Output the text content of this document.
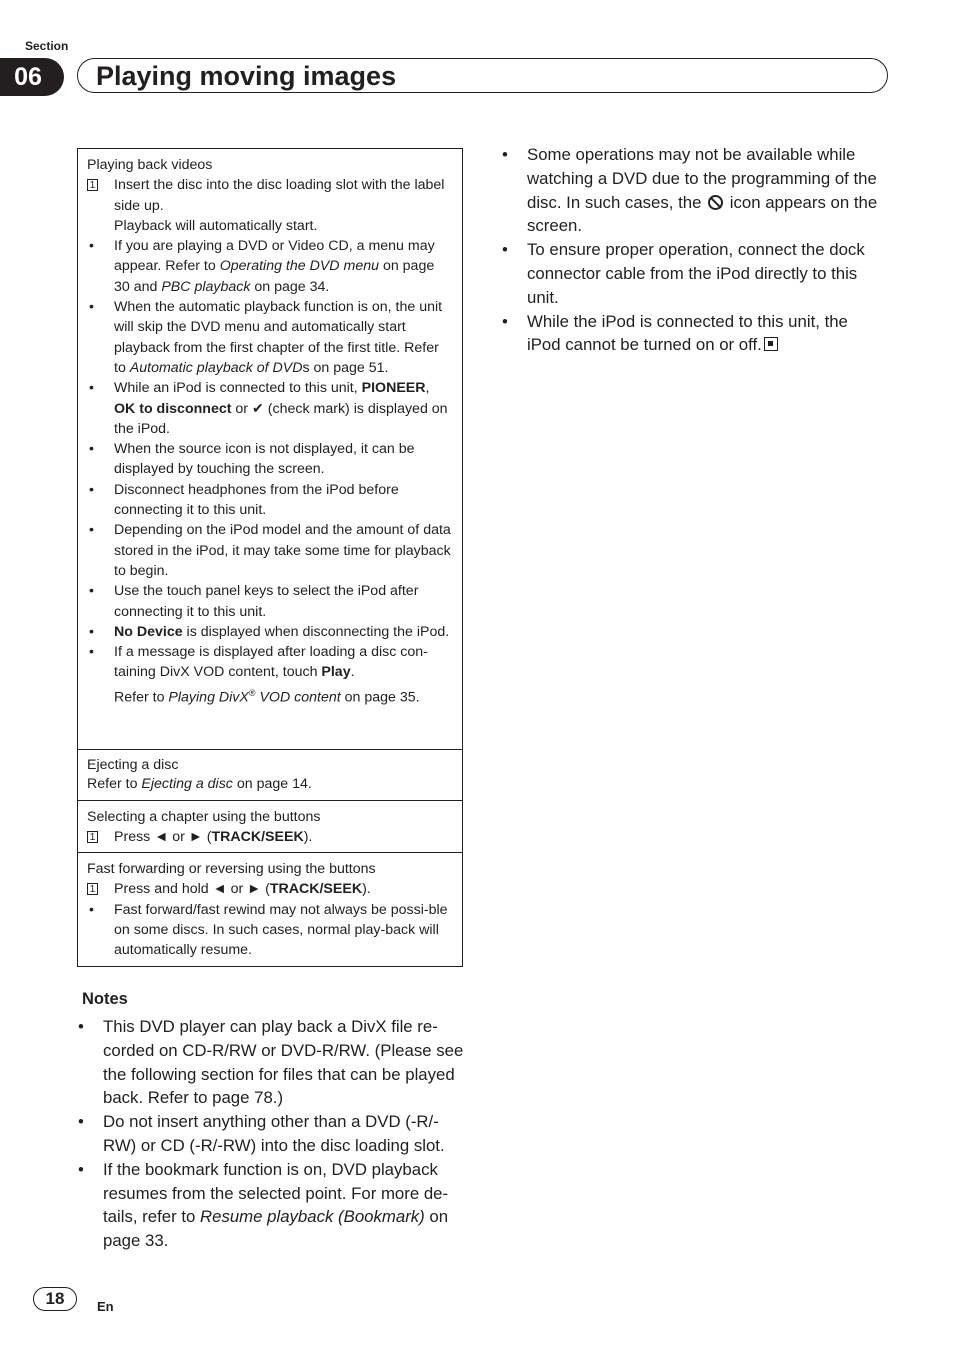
Section
06	Playing moving images

Playing back videos

1 Insert the disc into the disc loading slot with the label side up.
Playback will automatically start.
• If you are playing a DVD or Video CD, a menu may appear. Refer to Operating the DVD menu on page 30 and PBC playback on page 34.
• When the automatic playback function is on, the unit will skip the DVD menu and automatically start playback from the first chapter of the first title. Refer to Automatic playback of DVDs on page 51.
• While an iPod is connected to this unit, PIONEER, OK to disconnect or ✔ (check mark) is displayed on the iPod.
• When the source icon is not displayed, it can be displayed by touching the screen.
• Disconnect headphones from the iPod before connecting it to this unit.
• Depending on the iPod model and the amount of data stored in the iPod, it may take some time for playback to begin.
• Use the touch panel keys to select the iPod after connecting it to this unit.
• No Device is displayed when disconnecting the iPod.
• If a message is displayed after loading a disc con-taining DivX VOD content, touch Play.
Refer to Playing DivX® VOD content on page 35.

Ejecting a disc

Refer to Ejecting a disc on page 14.

Selecting a chapter using the buttons

1 Press ◄ or ► (TRACK/SEEK).

Fast forwarding or reversing using the buttons

1 Press and hold ◄ or ► (TRACK/SEEK).
• Fast forward/fast rewind may not always be possi-ble on some discs. In such cases, normal play-back will automatically resume.
Notes
• This DVD player can play back a DivX file re-corded on CD-R/RW or DVD-R/RW. (Please see the following section for files that can be played back. Refer to page 78.)
• Do not insert anything other than a DVD (-R/-RW) or CD (-R/-RW) into the disc loading slot.
• If the bookmark function is on, DVD playback resumes from the selected point. For more de-tails, refer to Resume playback (Bookmark) on page 33.
• Some operations may not be available while watching a DVD due to the programming of the disc. In such cases, the  icon appears on the screen.
• To ensure proper operation, connect the dock connector cable from the iPod directly to this unit.
• While the iPod is connected to this unit, the iPod cannot be turned on or off.
18	En
